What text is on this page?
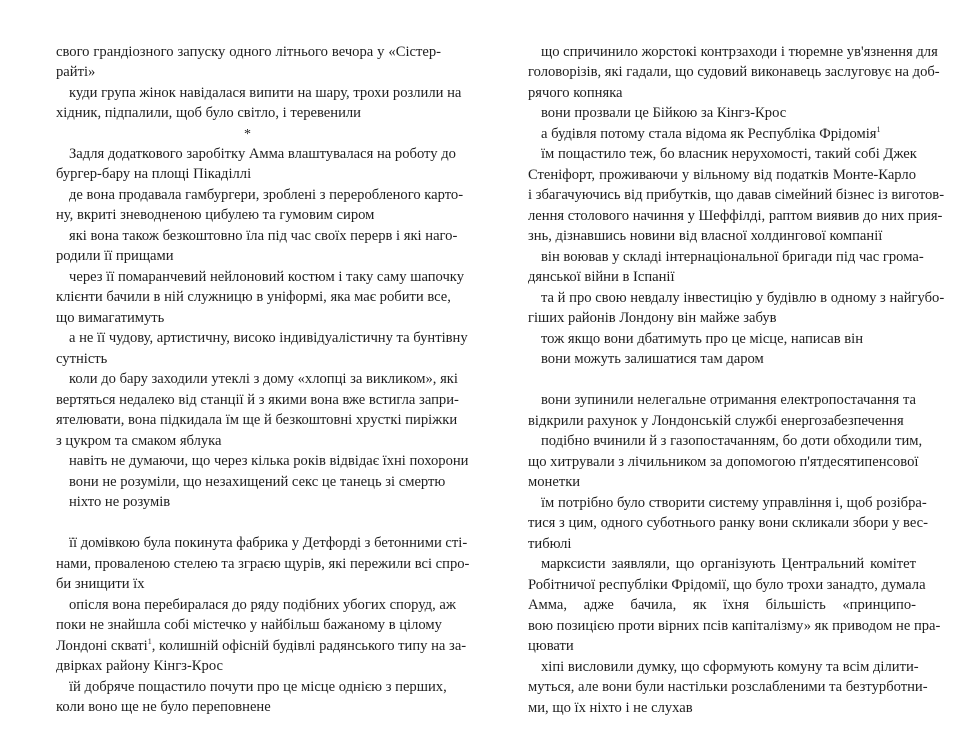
свого грандіозного запуску одного літнього вечора у «Сістер-
райті»
куди група жінок навідалася випити на шару, трохи розлили на
хідник, підпалили, щоб було світло, і теревенили
*
Задля додаткового заробітку Амма влаштувалася на роботу до
бургер-бару на площі Пікаділлі
де вона продавала гамбургери, зроблені з переробленого карто-
ну, вкриті зневодненою цибулею та гумовим сиром
які вона також безкоштовно їла під час своїх перерв і які наго-
родили її прищами
через її помаранчевий нейлоновий костюм і таку саму шапочку
клієнти бачили в ній служницю в уніформі, яка має робити все,
що вимагатимуть
а не її чудову, артистичну, високо індивідуалістичну та бунтівну
сутність
коли до бару заходили утеклі з дому «хлопці за викликом», які
вертяться недалеко від станції й з якими вона вже встигла запри-
ятелювати, вона підкидала їм ще й безкоштовні хрусткі пиріжки
з цукром та смаком яблука
навіть не думаючи, що через кілька років відвідає їхні похорони
вони не розуміли, що незахищений секс це танець зі смертю
ніхто не розумів
її домівкою була покинута фабрика у Детфорді з бетонними сті-
нами, проваленою стелею та зграєю щурів, які пережили всі спро-
би знищити їх
опісля вона перебиралася до ряду подібних убогих споруд, аж
поки не знайшла собі містечко у найбільш бажаному в цілому
Лондоні скваті$^1$, колишній офісній будівлі радянського типу на за-
двірках району Кінгз-Крос
їй добряче пощастило почути про це місце однією з перших,
коли воно ще не було переповнене
що спричинило жорстокі контрзаходи і тюремне ув'язнення для
головорізів, які гадали, що судовий виконавець заслуговує на доб-
рячого копняка
вони прозвали це Бійкою за Кінгз-Крос
а будівля потому стала відома як Республіка Фрідомія$^1$
їм пощастило теж, бо власник нерухомості, такий собі Джек
Стеніфорт, проживаючи у вільному від податків Монте-Карло
і збагачуючись від прибутків, що давав сімейний бізнес із виготов-
лення столового начиння у Шеффілді, раптом виявив до них прия-
знь, дізнавшись новини від власної холдингової компанії
він воював у складі інтернаціональної бригади під час грома-
дянської війни в Іспанії
та й про свою невдалу інвестицію у будівлю в одному з найгубо-
гіших районів Лондону він майже забув
тож якщо вони дбатимуть про це місце, написав він
вони можуть залишатися там даром
вони зупинили нелегальне отримання електропостачання та
відкрили рахунок у Лондонській службі енергозабезпечення
подібно вчинили й з газопостачанням, бо доти обходили тим,
що хитрували з лічильником за допомогою п'ятдесятипенсової
монетки
їм потрібно було створити систему управління і, щоб розібра-
тися з цим, одного суботнього ранку вони скликали збори у вес-
тибюлі
марксисти заявляли, що організують Центральний комітет
Робітничої республіки Фрідомії, що було трохи занадто, думала
Амма, адже бачила, як їхня більшість «принципо-
вою позицією проти вірних псів капіталізму» як приводом не пра-
цювати
хіпі висловили думку, що сформують комуну та всім ділити-
муться, але вони були настільки розслабленими та безтурботни-
ми, що їх ніхто і не слухав
